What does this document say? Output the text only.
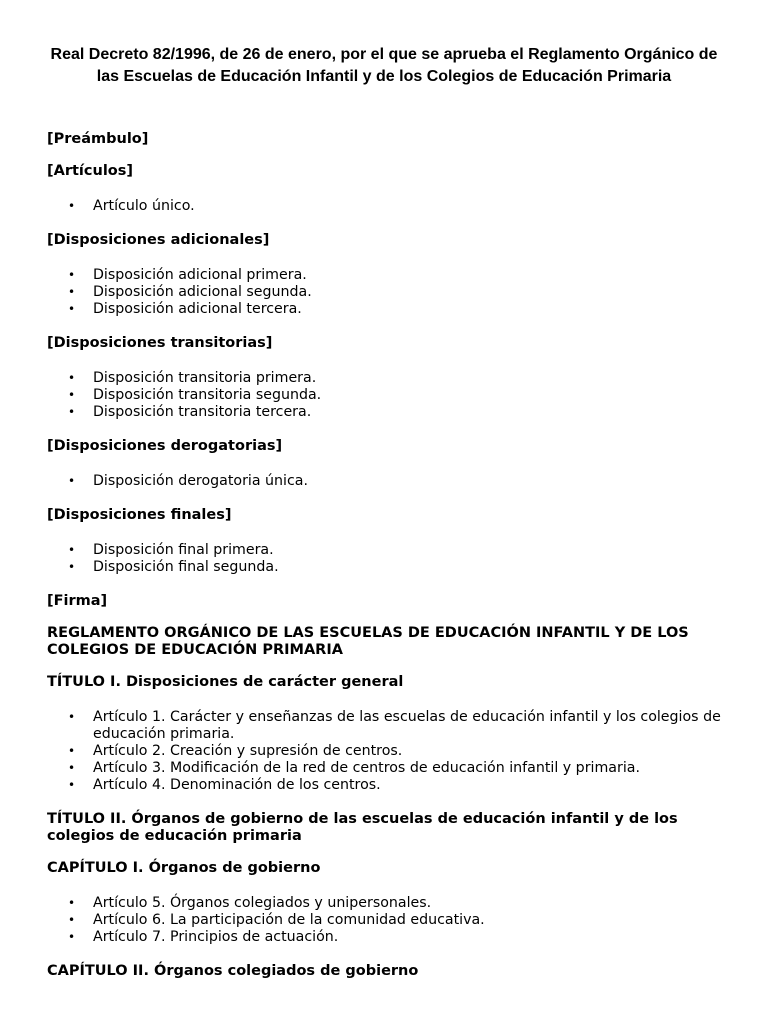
Real Decreto 82/1996, de 26 de enero, por el que se aprueba el Reglamento Orgánico de las Escuelas de Educación Infantil y de los Colegios de Educación Primaria
[Preámbulo]
[Artículos]
• Artículo único.
[Disposiciones adicionales]
• Disposición adicional primera.
• Disposición adicional segunda.
• Disposición adicional tercera.
[Disposiciones transitorias]
• Disposición transitoria primera.
• Disposición transitoria segunda.
• Disposición transitoria tercera.
[Disposiciones derogatorias]
• Disposición derogatoria única.
[Disposiciones finales]
• Disposición final primera.
• Disposición final segunda.
[Firma]
REGLAMENTO ORGÁNICO DE LAS ESCUELAS DE EDUCACIÓN INFANTIL Y DE LOS COLEGIOS DE EDUCACIÓN PRIMARIA
TÍTULO I. Disposiciones de carácter general
• Artículo 1. Carácter y enseñanzas de las escuelas de educación infantil y los colegios de educación primaria.
• Artículo 2. Creación y supresión de centros.
• Artículo 3. Modificación de la red de centros de educación infantil y primaria.
• Artículo 4. Denominación de los centros.
TÍTULO II. Órganos de gobierno de las escuelas de educación infantil y de los colegios de educación primaria
CAPÍTULO I. Órganos de gobierno
• Artículo 5. Órganos colegiados y unipersonales.
• Artículo 6. La participación de la comunidad educativa.
• Artículo 7. Principios de actuación.
CAPÍTULO II. Órganos colegiados de gobierno
